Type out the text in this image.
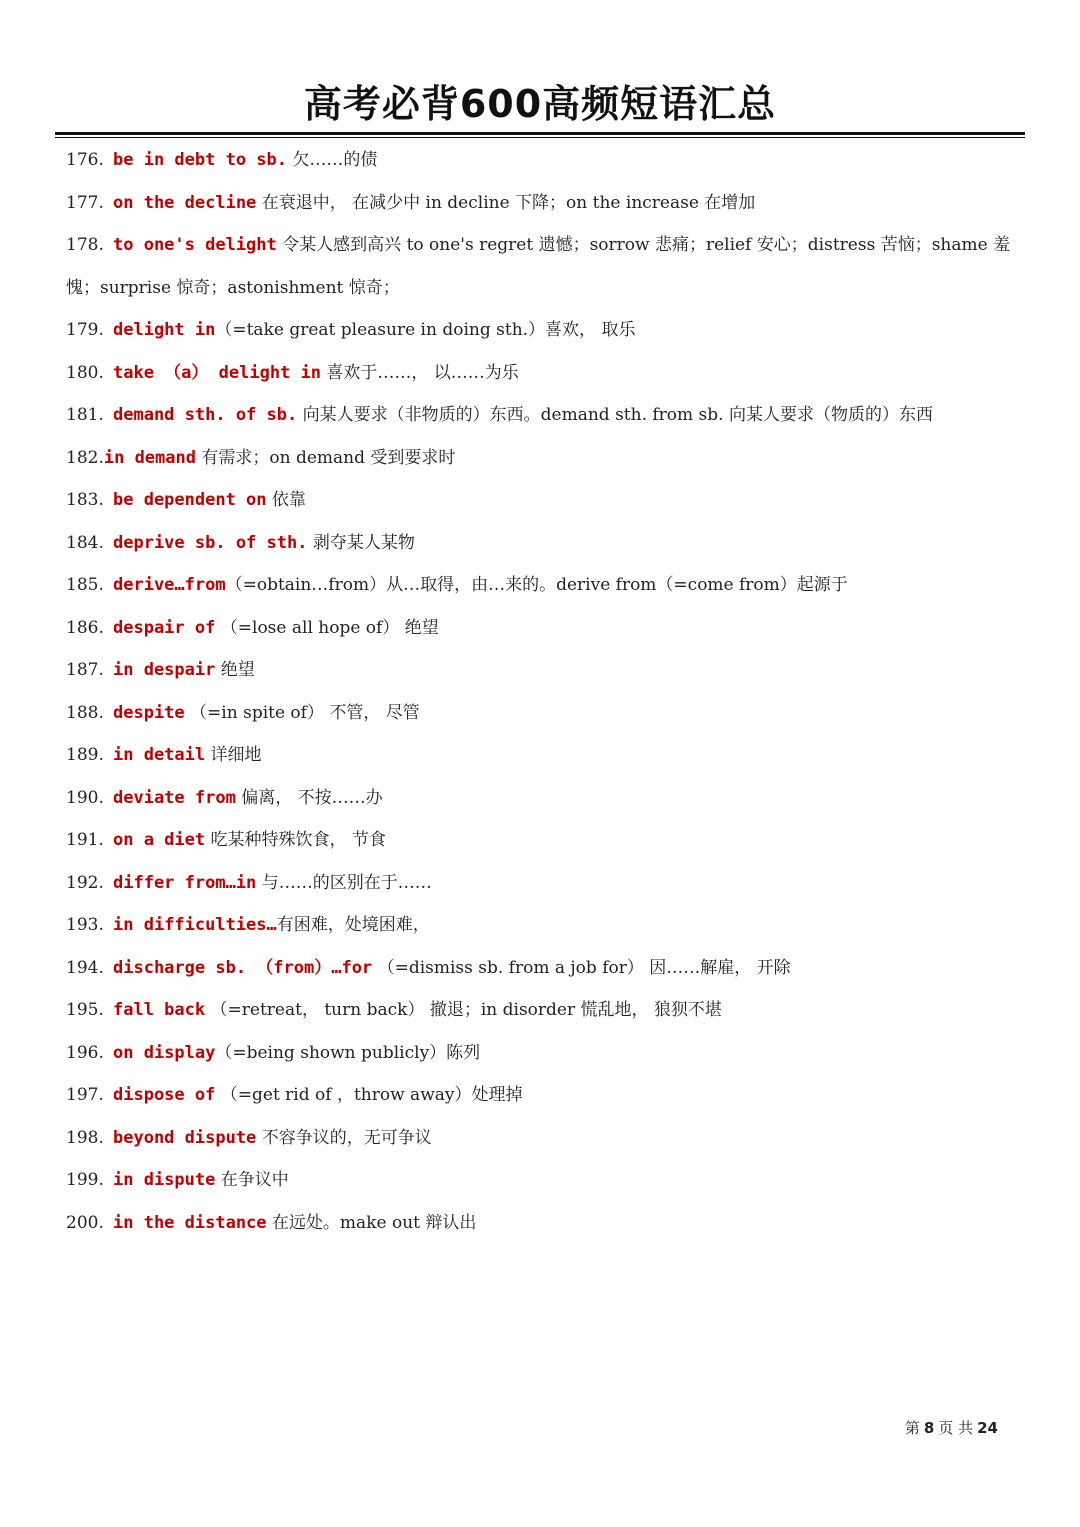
高考必背600高频短语汇总
176. be in debt to sb. 欠……的债
177. on the decline 在衰退中， 在减少中 in decline 下降；on the increase 在增加
178. to one's delight 令某人感到高兴 to one's regret 遗憾；sorrow 悲痛；relief 安心；distress 苦恼；shame 羞愧；surprise 惊奇；astonishment 惊奇；
179. delight in（=take great pleasure in doing sth.）喜欢， 取乐
180. take （a） delight in 喜欢于……， 以……为乐
181. demand sth. of sb. 向某人要求（非物质的）东西。demand sth. from sb. 向某人要求（物质的）东西
182.in demand 有需求；on demand 受到要求时
183. be dependent on 依靠
184. deprive sb. of sth. 剥夺某人某物
185. derive…from（=obtain…from）从…取得，由…来的。derive from（=come from）起源于
186. despair of （=lose all hope of） 绝望
187. in despair 绝望
188. despite （=in spite of） 不管， 尽管
189. in detail 详细地
190. deviate from 偏离， 不按……办
191. on a diet 吃某种特殊饮食， 节食
192. differ from…in 与……的区别在于……
193. in difficulties…有困难，处境困难，
194. discharge sb. （from）…for （=dismiss sb. from a job for） 因……解雇， 开除
195. fall back （=retreat， turn back） 撤退；in disorder 慌乱地， 狼狈不堪
196. on display（=being shown publicly）陈列
197. dispose of （=get rid of ，throw away）处理掉
198. beyond dispute 不容争议的，无可争议
199. in dispute 在争议中
200. in the distance 在远处。make out 辩认出
第 8 页 共 24
